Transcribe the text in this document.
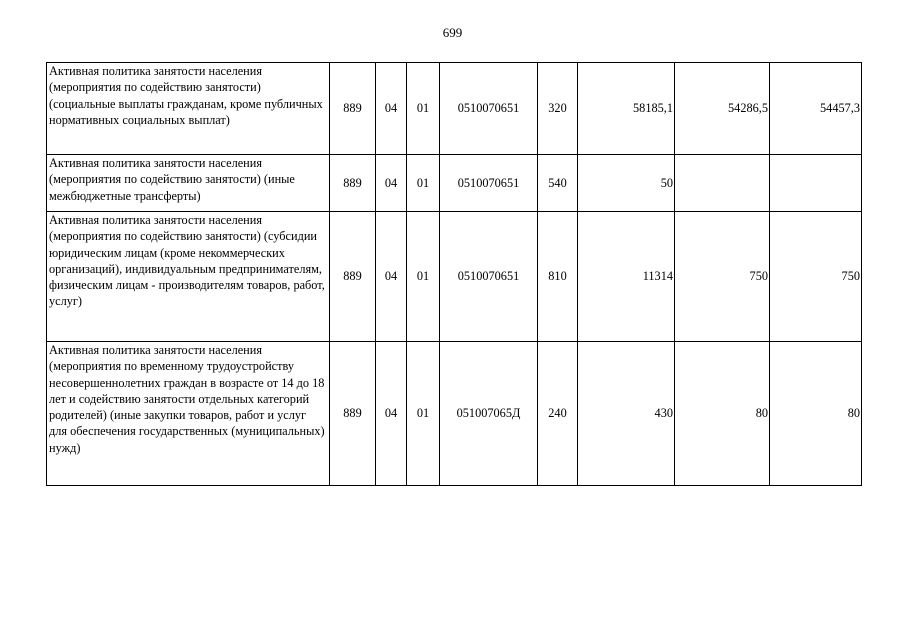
699
Активная политика занятости населения (мероприятия по содействию занятости) (социальные выплаты гражданам, кроме публичных нормативных социальных выплат)	889	04	01	0510070651	320	58185,1	54286,5	54457,3
Активная политика занятости населения (мероприятия по содействию занятости) (иные межбюджетные трансферты)	889	04	01	0510070651	540	50		
Активная политика занятости населения (мероприятия по содействию занятости) (субсидии юридическим лицам (кроме некоммерческих организаций), индивидуальным предпринимателям, физическим лицам - производителям товаров, работ, услуг)	889	04	01	0510070651	810	11314	750	750
Активная политика занятости населения (мероприятия по временному трудоустройству несовершеннолетних граждан в возрасте от 14 до 18 лет и содействию занятости отдельных категорий родителей) (иные закупки товаров, работ и услуг для обеспечения государственных (муниципальных) нужд)	889	04	01	051007065Д	240	430	80	80
